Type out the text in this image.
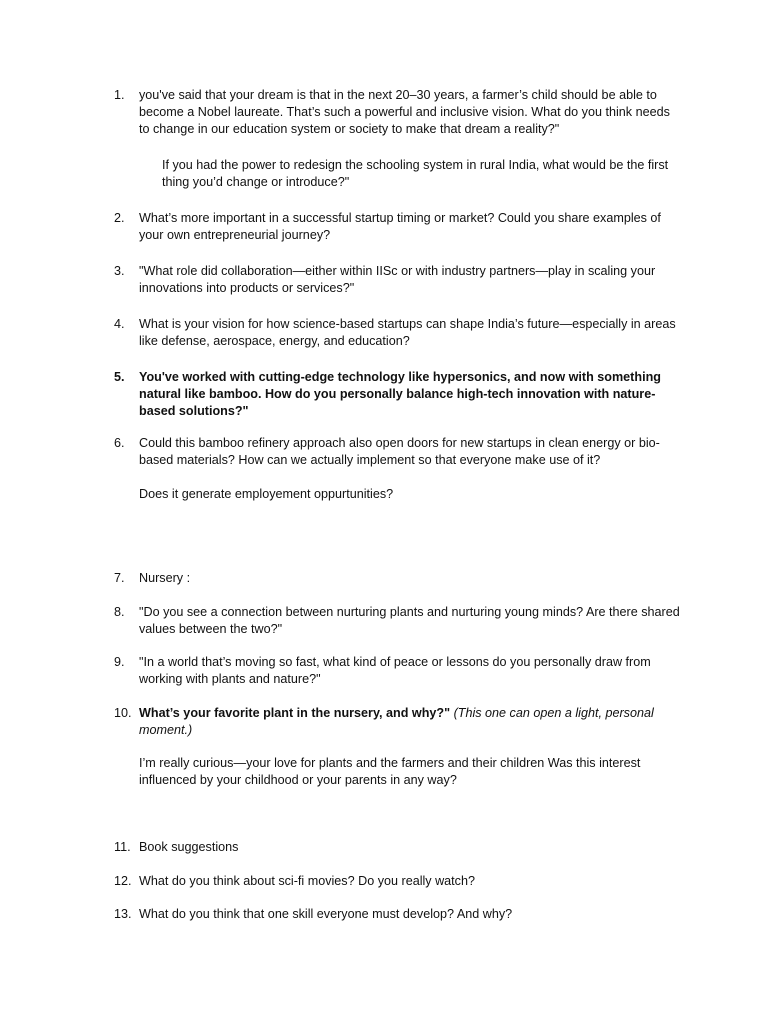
1.	you've said that your dream is that in the next 20–30 years, a farmer’s child should be able to become a Nobel laureate. That’s such a powerful and inclusive vision. What do you think needs to change in our education system or society to make that dream a reality?"
If you had the power to redesign the schooling system in rural India, what would be the first thing you’d change or introduce?"
2.	What’s more important in a successful startup timing or market? Could you share examples of your own entrepreneurial journey?
3.	"What role did collaboration—either within IISc or with industry partners—play in scaling your innovations into products or services?"
4.	What is your vision for how science-based startups can shape India’s future—especially in areas like defense, aerospace, energy, and education?
5.	You've worked with cutting-edge technology like hypersonics, and now with something natural like bamboo. How do you personally balance high-tech innovation with nature-based solutions?"
6.	Could this bamboo refinery approach also open doors for new startups in clean energy or bio-based materials? How can we actually implement so that everyone make use of it?
Does it generate employement oppurtunities?
7.	Nursery :
8.	"Do you see a connection between nurturing plants and nurturing young minds? Are there shared values between the two?"
9.	"In a world that’s moving so fast, what kind of peace or lessons do you personally draw from working with plants and nature?"
10. What’s your favorite plant in the nursery, and why?" (This one can open a light, personal moment.)
I’m really curious—your love for plants and the farmers and their children Was this interest influenced by your childhood or your parents in any way?
11. Book suggestions
12. What do you think about sci-fi movies? Do you really watch?
13. What do you think that one skill everyone must develop? And why?
